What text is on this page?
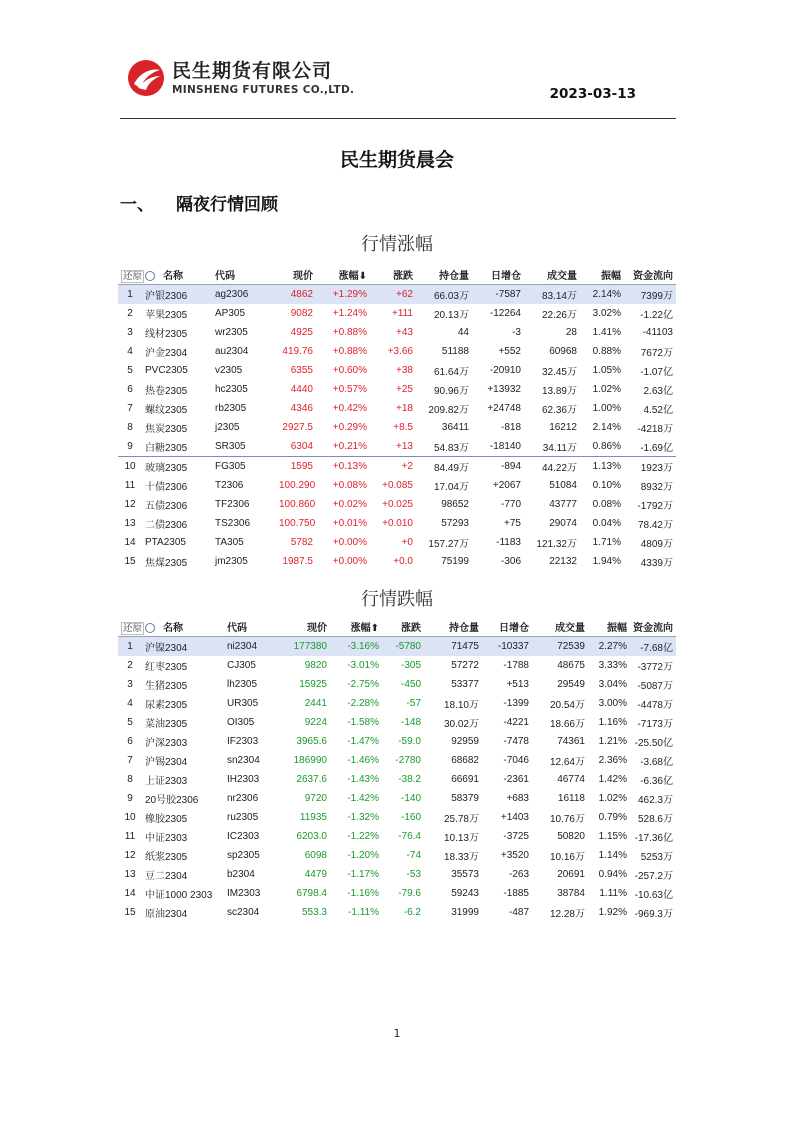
民生期货有限公司
MINSHENG FUTURES CO.,LTD.	2023-03-13
民生期货晨会
一、 隔夜行情回顾
行情涨幅
还原	名称	代码	现价	涨幅⬇	涨跌	持仓量	日增仓	成交量	振幅	资金流向
1	沪银2306	ag2306	4862	+1.29%	+62	66.03万	-7587	83.14万	2.14%	7399万
2	苹果2305	AP305	9082	+1.24%	+111	20.13万	-12264	22.26万	3.02%	-1.22亿
3	线材2305	wr2305	4925	+0.88%	+43	44	-3	28	1.41%	-41103
4	沪金2304	au2304	419.76	+0.88%	+3.66	51188	+552	60968	0.88%	7672万
5	PVC2305	v2305	6355	+0.60%	+38	61.64万	-20910	32.45万	1.05%	-1.07亿
6	热卷2305	hc2305	4440	+0.57%	+25	90.96万	+13932	13.89万	1.02%	2.63亿
7	螺纹2305	rb2305	4346	+0.42%	+18	209.82万	+24748	62.36万	1.00%	4.52亿
8	焦炭2305	j2305	2927.5	+0.29%	+8.5	36411	-818	16212	2.14%	-4218万
9	白糖2305	SR305	6304	+0.21%	+13	54.83万	-18140	34.11万	0.86%	-1.69亿
10	玻璃2305	FG305	1595	+0.13%	+2	84.49万	-894	44.22万	1.13%	1923万
11	十债2306	T2306	100.290	+0.08%	+0.085	17.04万	+2067	51084	0.10%	8932万
12	五债2306	TF2306	100.860	+0.02%	+0.025	98652	-770	43777	0.08%	-1792万
13	二债2306	TS2306	100.750	+0.01%	+0.010	57293	+75	29074	0.04%	78.42万
14	PTA2305	TA305	5782	+0.00%	+0	157.27万	-1183	121.32万	1.71%	4809万
15	焦煤2305	jm2305	1987.5	+0.00%	+0.0	75199	-306	22132	1.94%	4339万
行情跌幅
还原	名称	代码	现价	涨幅⬆	涨跌	持仓量	日增仓	成交量	振幅	资金流向
1	沪镍2304	ni2304	177380	-3.16%	-5780	71475	-10337	72539	2.27%	-7.68亿
2	红枣2305	CJ305	9820	-3.01%	-305	57272	-1788	48675	3.33%	-3772万
3	生猪2305	lh2305	15925	-2.75%	-450	53377	+513	29549	3.04%	-5087万
4	尿素2305	UR305	2441	-2.28%	-57	18.10万	-1399	20.54万	3.00%	-4478万
5	菜油2305	OI305	9224	-1.58%	-148	30.02万	-4221	18.66万	1.16%	-7173万
6	沪深2303	IF2303	3965.6	-1.47%	-59.0	92959	-7478	74361	1.21%	-25.50亿
7	沪锡2304	sn2304	186990	-1.46%	-2780	68682	-7046	12.64万	2.36%	-3.68亿
8	上证2303	IH2303	2637.6	-1.43%	-38.2	66691	-2361	46774	1.42%	-6.36亿
9	20号胶2306	nr2306	9720	-1.42%	-140	58379	+683	16118	1.02%	462.3万
10	橡胶2305	ru2305	11935	-1.32%	-160	25.78万	+1403	10.76万	0.79%	528.6万
11	中证2303	IC2303	6203.0	-1.22%	-76.4	10.13万	-3725	50820	1.15%	-17.36亿
12	纸浆2305	sp2305	6098	-1.20%	-74	18.33万	+3520	10.16万	1.14%	5253万
13	豆二2304	b2304	4479	-1.17%	-53	35573	-263	20691	0.94%	-257.2万
14	中证1000 2303	IM2303	6798.4	-1.16%	-79.6	59243	-1885	38784	1.11%	-10.63亿
15	原油2304	sc2304	553.3	-1.11%	-6.2	31999	-487	12.28万	1.92%	-969.3万
1
